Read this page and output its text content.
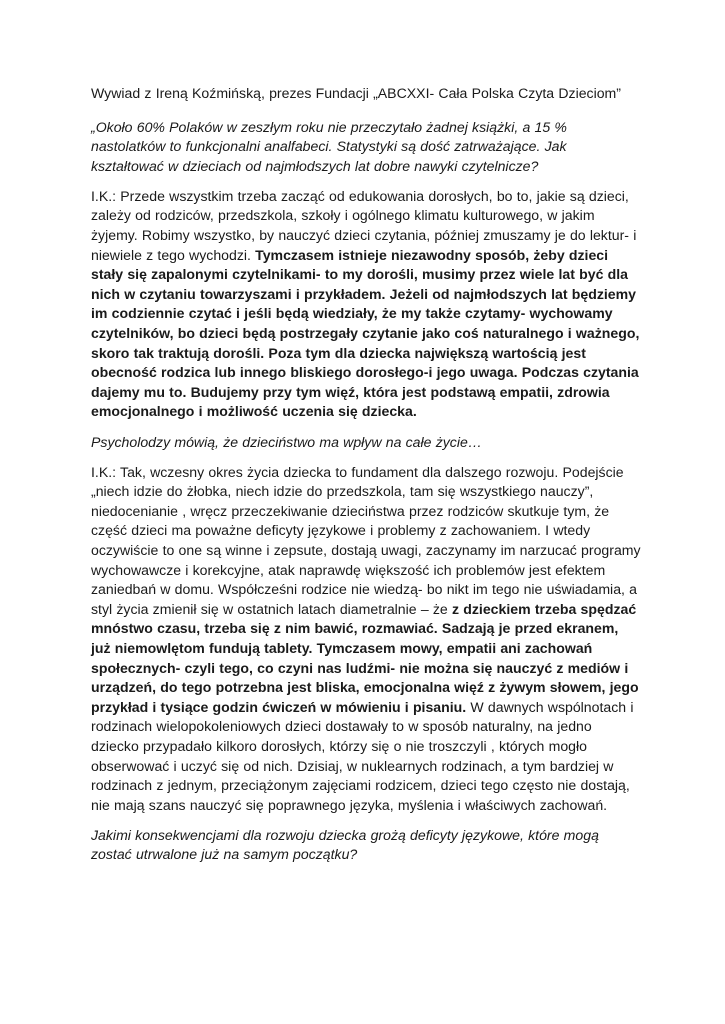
Wywiad z Ireną Koźmińską, prezes Fundacji „ABCXXI- Cała Polska Czyta Dzieciom”

„Około 60% Polaków w zeszłym roku nie przeczytało żadnej książki, a 15 % nastolatków to funkcjonalni analfabeci. Statystyki są dość zatrważające. Jak kształtować w dzieciach od najmłodszych lat dobre nawyki czytelnicze?

I.K.: Przede wszystkim trzeba zacząć od edukowania dorosłych, bo to, jakie są dzieci, zależy od rodziców, przedszkola, szkoły i ogólnego klimatu kulturowego, w jakim żyjemy. Robimy wszystko, by nauczyć dzieci czytania, później zmuszamy je do lektur- i niewiele z tego wychodzi. Tymczasem istnieje niezawodny sposób, żeby dzieci stały się zapalonymi czytelnikami- to my dorośli, musimy przez wiele lat być dla nich w czytaniu towarzyszami i przykładem. Jeżeli od najmłodszych lat będziemy im codziennie czytać i jeśli będą wiedziały, że my także czytamy- wychowamy czytelników, bo dzieci będą postrzegały czytanie jako coś naturalnego i ważnego, skoro tak traktują dorośli. Poza tym dla dziecka największą wartością jest obecność rodzica lub innego bliskiego dorosłego-i jego uwaga. Podczas czytania dajemy mu to. Budujemy przy tym więź, która jest podstawą empatii, zdrowia emocjonalnego i możliwość uczenia się dziecka.

Psycholodzy mówią, że dzieciństwo ma wpływ na całe życie…

I.K.: Tak, wczesny okres życia dziecka to fundament dla dalszego rozwoju. Podejście „niech idzie do żłobka, niech idzie do przedszkola, tam się wszystkiego nauczy”, niedocenianie , wręcz przeczekiwanie dzieciństwa przez rodziców skutkuje tym, że część dzieci ma poważne deficyty językowe i problemy z zachowaniem. I wtedy oczywiście to one są winne i zepsute, dostają uwagi, zaczynamy im narzucać programy wychowawcze i korekcyjne, atak naprawdę większość ich problemów jest efektem zaniedbań w domu. Współcześni rodzice nie wiedzą- bo nikt im tego nie uświadamia, a styl życia zmienił się w ostatnich latach diametralnie – że z dzieckiem trzeba spędzać mnóstwo czasu, trzeba się z nim bawić, rozmawiać. Sadzają je przed ekranem, już niemowlętom fundują tablety. Tymczasem mowy, empatii ani zachowań społecznych- czyli tego, co czyni nas ludźmi- nie można się nauczyć z mediów i urządzeń, do tego potrzebna jest bliska, emocjonalna więź z żywym słowem, jego przykład i tysiące godzin ćwiczeń w mówieniu i pisaniu. W dawnych wspólnotach i rodzinach wielopokoleniowych dzieci dostawały to w sposób naturalny, na jedno dziecko przypadało kilkoro dorosłych, którzy się o nie troszczyli , których mogło obserwować i uczyć się od nich. Dzisiaj, w nuklearnych rodzinach, a tym bardziej w rodzinach z jednym, przeciążonym zajęciami rodzicem, dzieci tego często nie dostają, nie mają szans nauczyć się poprawnego języka, myślenia i właściwych zachowań.

Jakimi konsekwencjami dla rozwoju dziecka grożą deficyty językowe, które mogą zostać utrwalone już na samym początku?
